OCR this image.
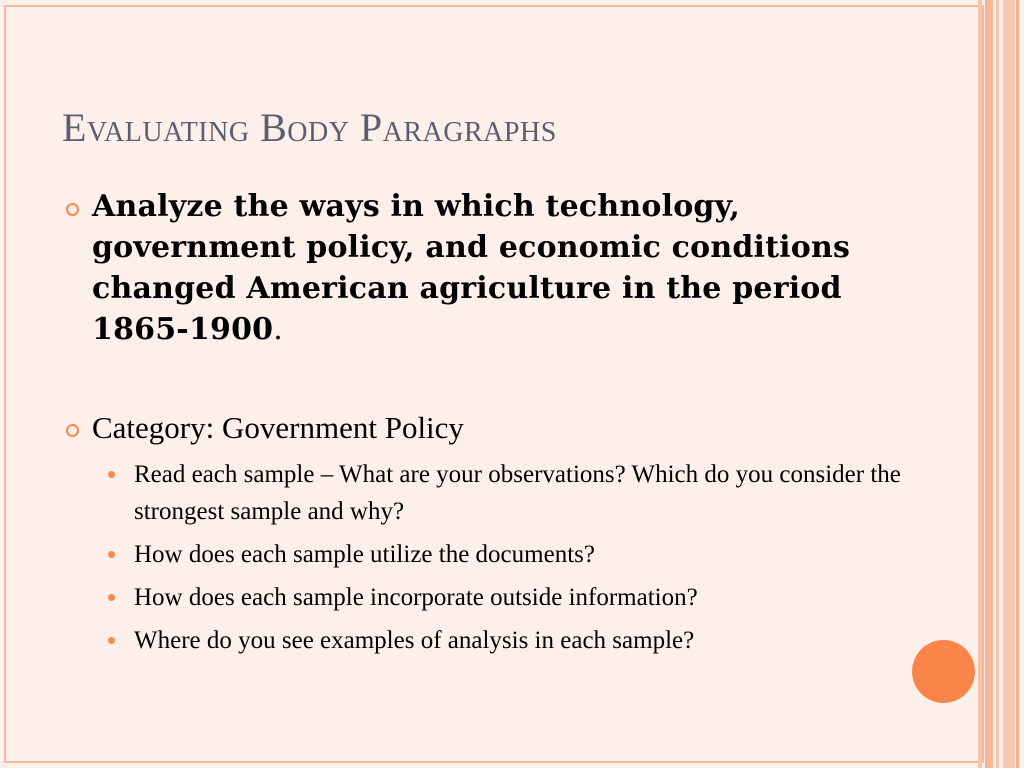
Evaluating Body Paragraphs
Analyze the ways in which technology, government policy, and economic conditions changed American agriculture in the period 1865-1900.
Category: Government Policy
Read each sample – What are your observations? Which do you consider the strongest sample and why?
How does each sample utilize the documents?
How does each sample incorporate outside information?
Where do you see examples of analysis in each sample?
